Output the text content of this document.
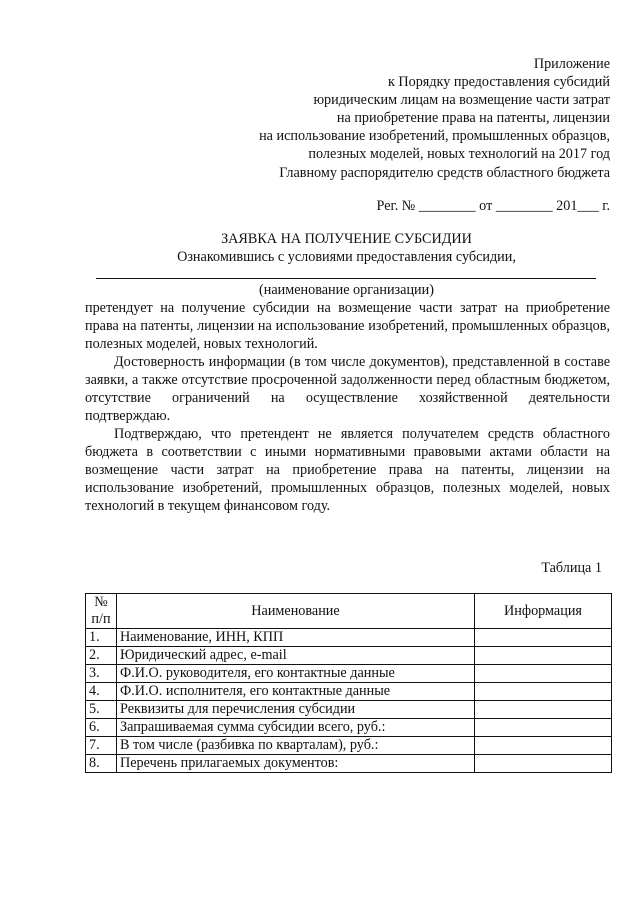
Приложение
к Порядку предоставления субсидий
юридическим лицам на возмещение части затрат
на приобретение права на патенты, лицензии
на использование изобретений, промышленных образцов,
полезных моделей, новых технологий на 2017 год
Главному распорядителю средств областного бюджета
Рег. № ________ от ________ 201___ г.
ЗАЯВКА НА ПОЛУЧЕНИЕ СУБСИДИИ
Ознакомившись с условиями предоставления субсидии,
(наименование организации)

претендует на получение субсидии на возмещение части затрат на приобретение права на патенты, лицензии на использование изобретений, промышленных образцов, полезных моделей, новых технологий.

Достоверность информации (в том числе документов), представленной в составе заявки, а также отсутствие просроченной задолженности перед областным бюджетом, отсутствие ограничений на осуществление хозяйственной деятельности подтверждаю.

Подтверждаю, что претендент не является получателем средств областного бюджета в соответствии с иными нормативными правовыми актами области на возмещение части затрат на приобретение права на патенты, лицензии на использование изобретений, промышленных образцов, полезных моделей, новых технологий в текущем финансовом году.

Таблица 1
№ п/п	Наименование	Информация
1.	Наименование, ИНН, КПП	
2.	Юридический адрес, e-mail	
3.	Ф.И.О. руководителя, его контактные данные	
4.	Ф.И.О. исполнителя, его контактные данные	
5.	Реквизиты для перечисления субсидии	
6.	Запрашиваемая сумма субсидии всего, руб.:	
7.	В том числе (разбивка по кварталам), руб.:	
8.	Перечень прилагаемых документов:	
